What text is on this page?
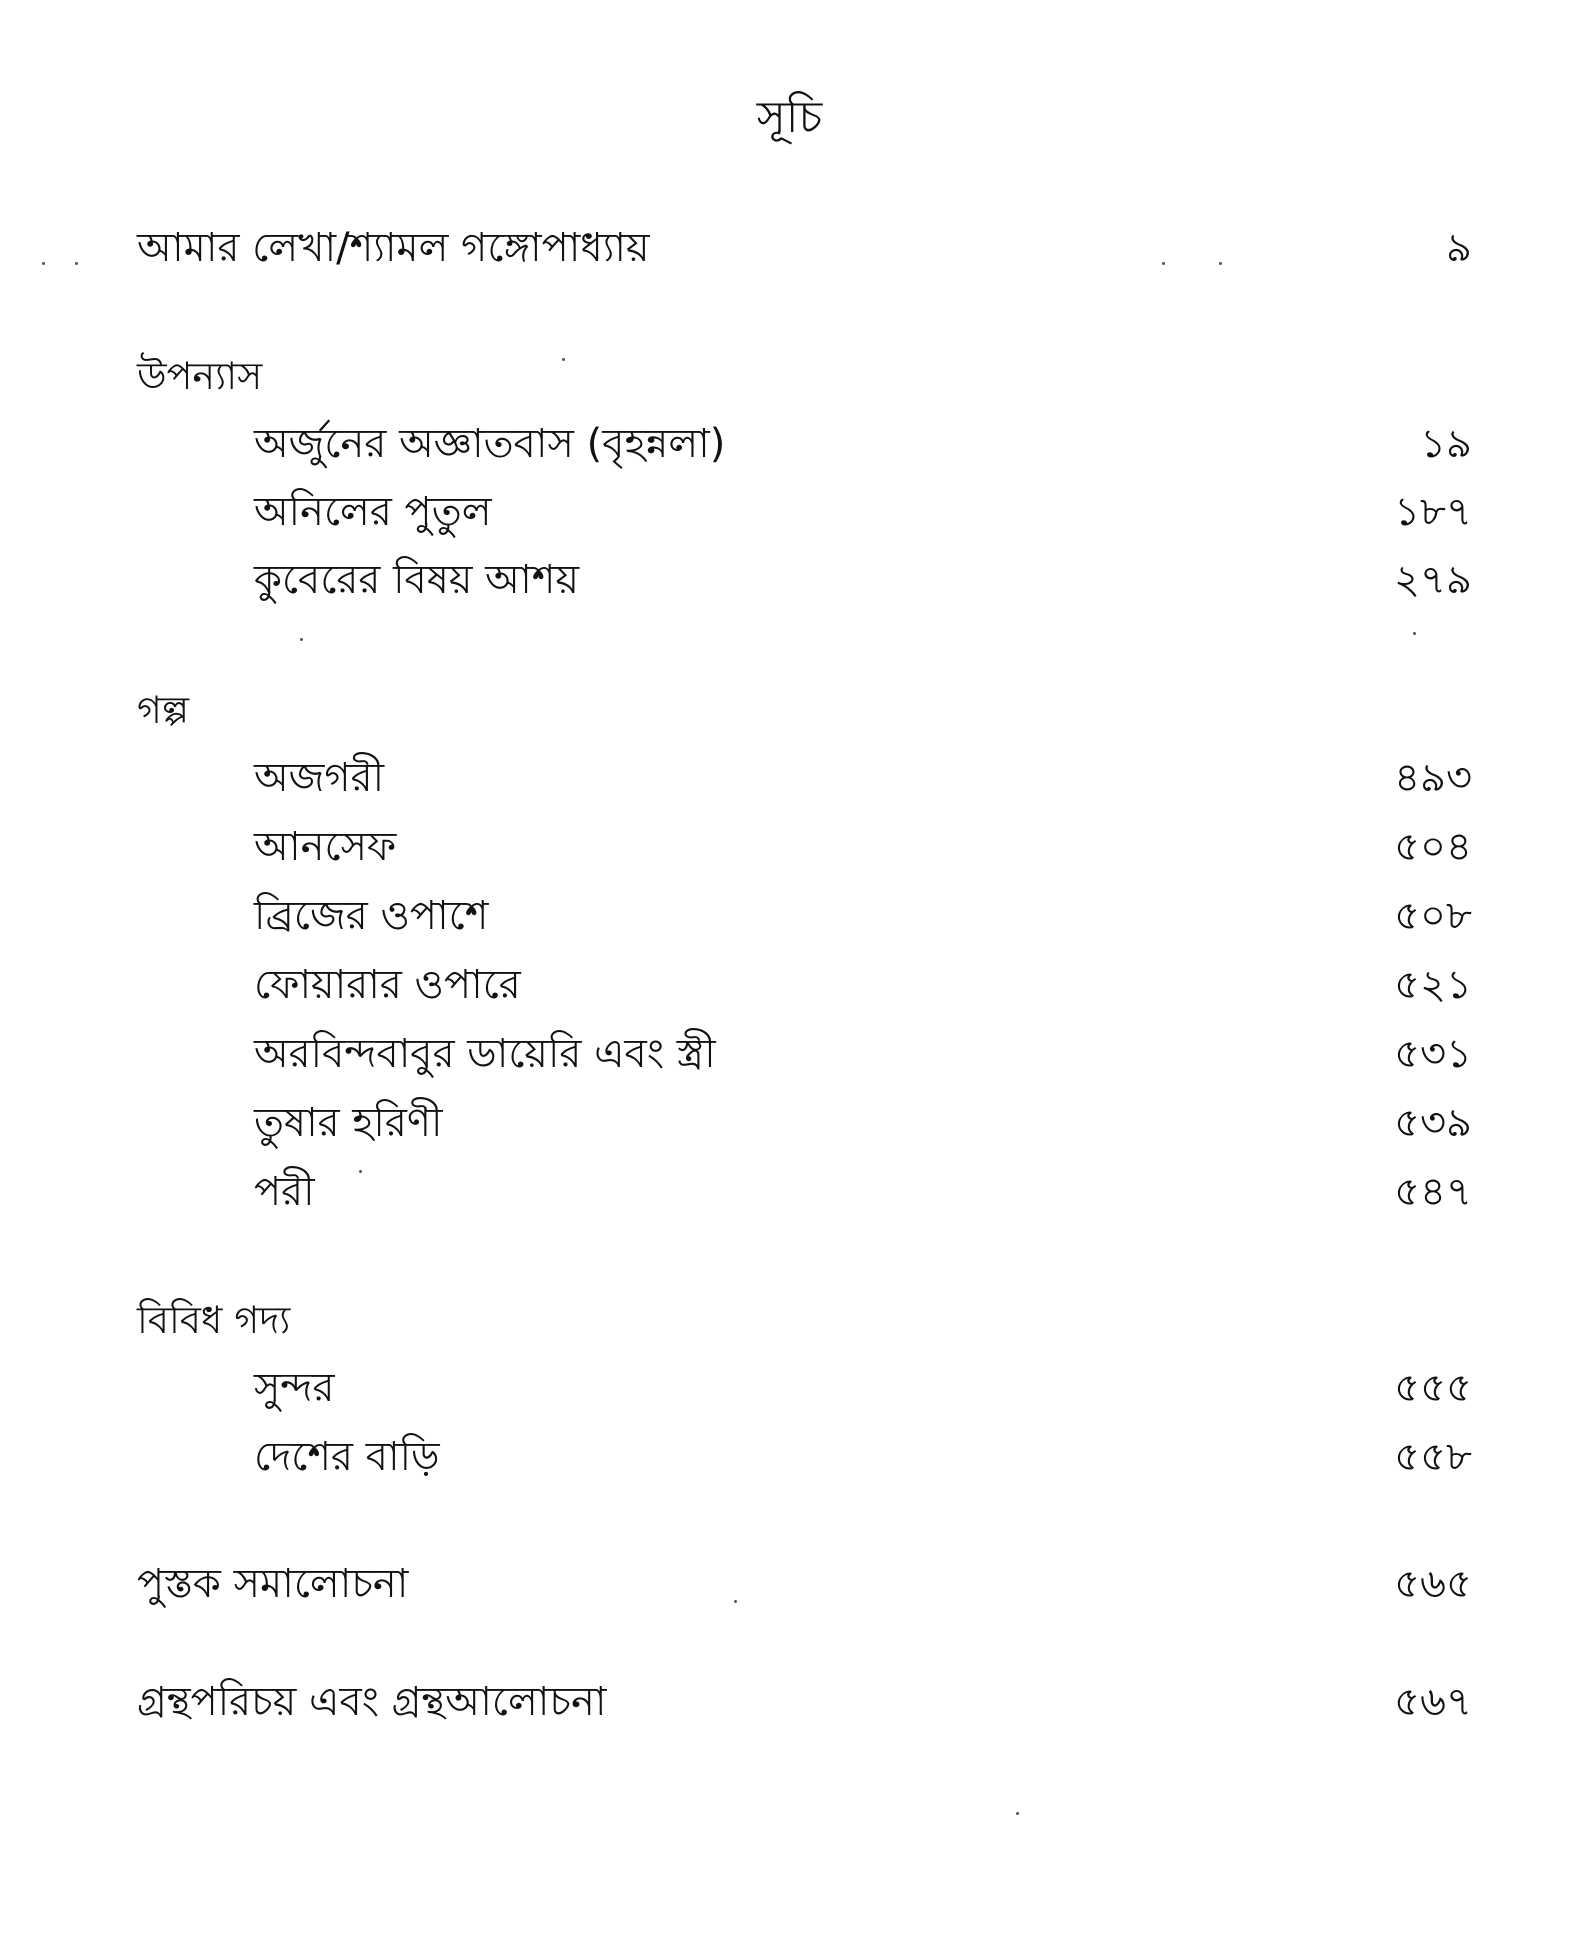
সূচি
আমার লেখা/শ্যামল গঙ্গোপাধ্যায়	৯
উপন্যাস
অর্জুনের অজ্ঞাতবাস (বৃহন্নলা)	১৯
অনিলের পুতুল	১৮৭
কুবেরের বিষয় আশয়	২৭৯
গল্প
অজগরী	৪৯৩
আনসেফ	৫০৪
ব্রিজের ওপাশে	৫০৮
ফোয়ারার ওপারে	৫২১
অরবিন্দবাবুর ডায়েরি এবং স্ত্রী	৫৩১
তুষার হরিণী	৫৩৯
পরী	৫৪৭
বিবিধ গদ্য
সুন্দর	৫৫৫
দেশের বাড়ি	৫৫৮
পুস্তক সমালোচনা	৫৬৫
গ্রন্থপরিচয় এবং গ্রন্থআলোচনা	৫৬৭
